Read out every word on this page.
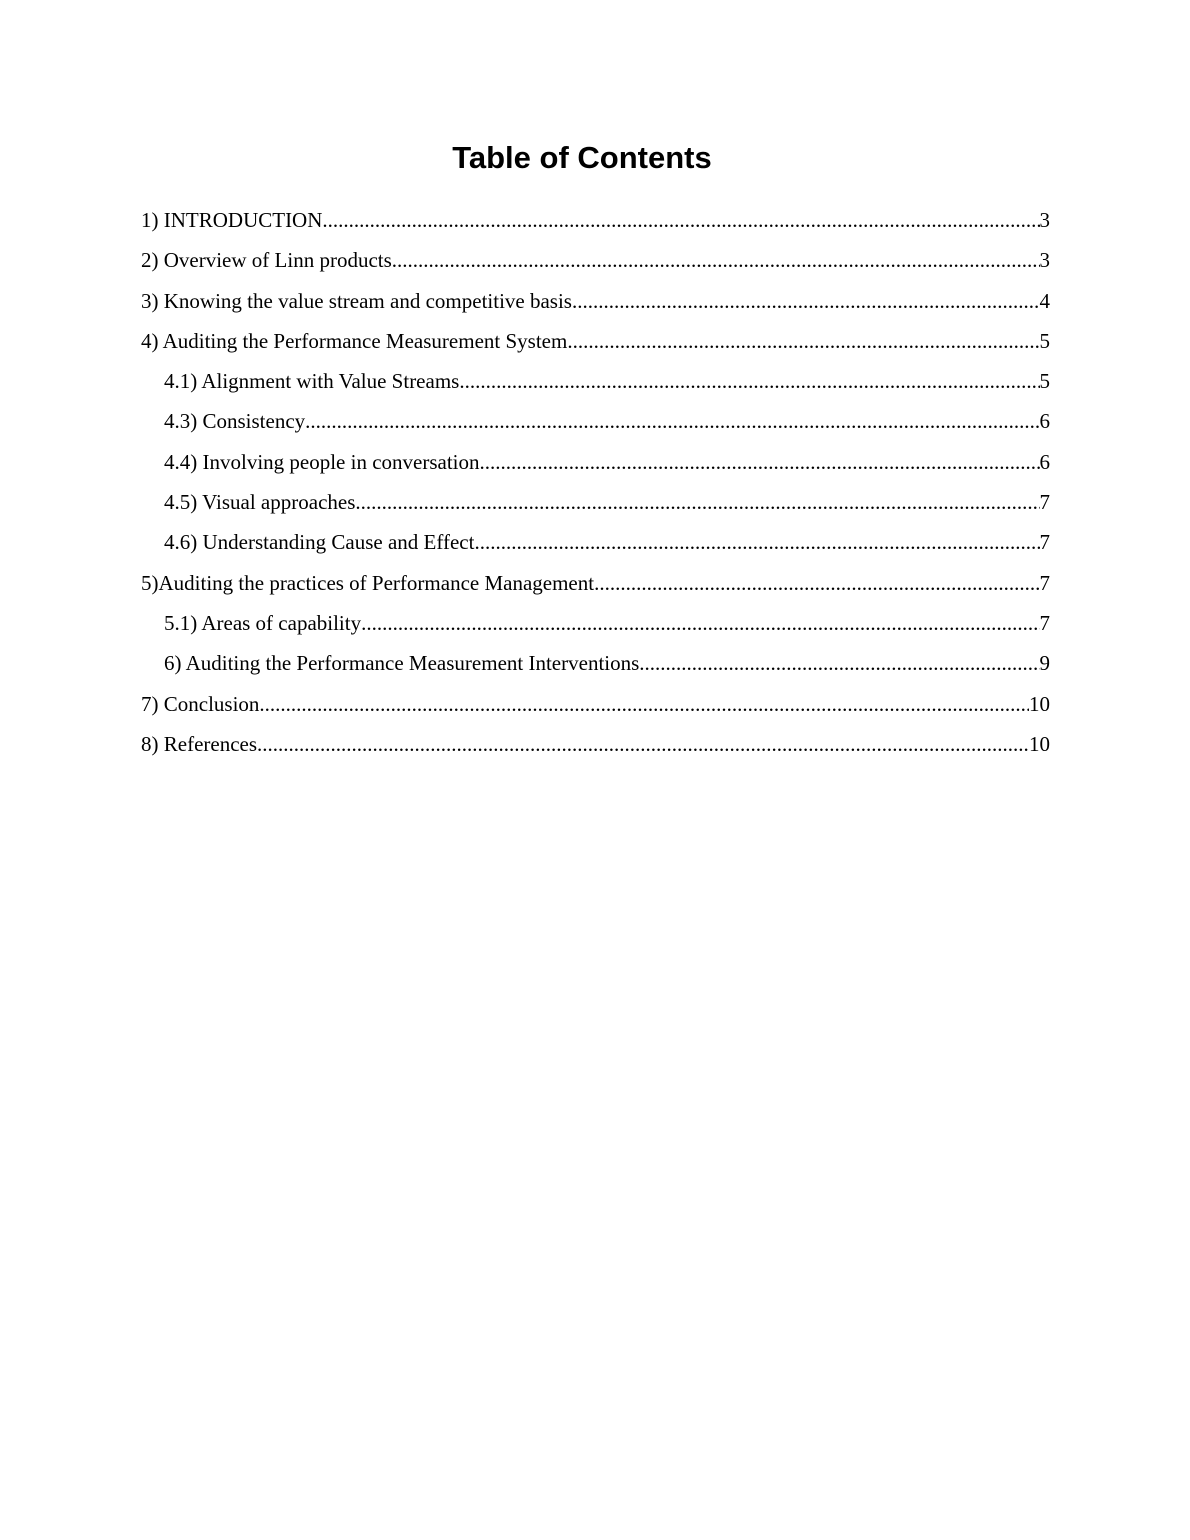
Table of Contents
1) INTRODUCTION .....	3
2) Overview of Linn products .....	3
3) Knowing the value stream and competitive basis .....	4
4) Auditing the Performance Measurement System .....	5
4.1) Alignment with Value Streams .....	5
4.3) Consistency .....	6
4.4) Involving people in conversation .....	6
4.5) Visual approaches .....	7
4.6) Understanding Cause and Effect .....	7
5)Auditing the practices of Performance Management .....	7
5.1) Areas of capability .....	7
6) Auditing the Performance Measurement Interventions .....	9
7) Conclusion .....	10
8) References .....	10
